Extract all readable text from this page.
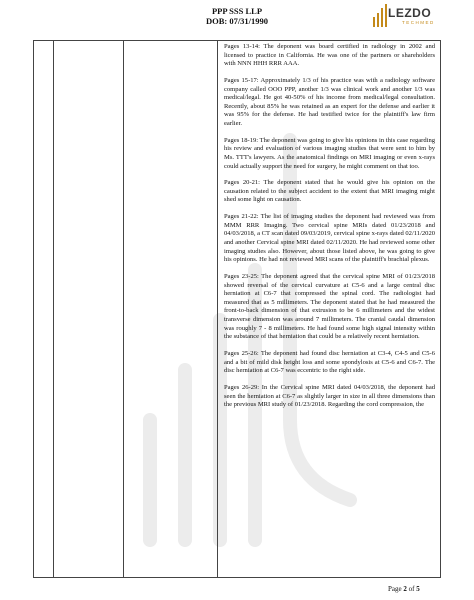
PPP SSS LLP
DOB: 07/31/1990
LEZDO
TECHMED

Pages 13-14: The deponent was board certified in radiology in 2002 and licensed to practice in California. He was one of the partners or shareholders with NNN HHH RRR AAA.

Pages 15-17: Approximately 1/3 of his practice was with a radiology software company called OOO PPP, another 1/3 was clinical work and another 1/3 was medical/legal. He got 40-50% of his income from medical/legal consultation. Recently, about 85% he was retained as an expert for the defense and earlier it was 95% for the defense. He had testified twice for the plaintiff's law firm earlier.

Pages 18-19: The deponent was going to give his opinions in this case regarding his review and evaluation of various imaging studies that were sent to him by Ms. TTT's lawyers. As the anatomical findings on MRI imaging or even x-rays could actually support the need for surgery, he might comment on that too.

Pages 20-21: The deponent stated that he would give his opinion on the causation related to the subject accident to the extent that MRI imaging might shed some light on causation.

Pages 21-22: The list of imaging studies the deponent had reviewed was from MMM RRR Imaging. Two cervical spine MRIs dated 01/23/2018 and 04/03/2018, a CT scan dated 09/03/2019, cervical spine x-rays dated 02/11/2020 and another Cervical spine MRI dated 02/11/2020. He had reviewed some other imaging studies also. However, about those listed above, he was going to give his opinions. He had not reviewed MRI scans of the plaintiff's brachial plexus.

Pages 23-25: The deponent agreed that the cervical spine MRI of 01/23/2018 showed reversal of the cervical curvature at C5-6 and a large central disc herniation at C6-7 that compressed the spinal cord. The radiologist had measured that as 5 millimeters. The deponent stated that he had measured the front-to-back dimension of that extrusion to be 6 millimeters and the widest transverse dimension was around 7 millimeters. The cranial caudal dimension was roughly 7 - 8 millimeters. He had found some high signal intensity within the substance of that herniation that could be a relatively recent herniation.

Pages 25-26: The deponent had found disc herniation at C3-4, C4-5 and C5-6 and a bit of mild disk height loss and some spondylosis at C5-6 and C6-7. The disc herniation at C6-7 was eccentric to the right side.

Pages 26-29: In the Cervical spine MRI dated 04/03/2018, the deponent had seen the herniation at C6-7 as slightly larger in size in all three dimensions than the previous MRI study of 01/23/2018. Regarding the cord compression, the

Page 2 of 5
